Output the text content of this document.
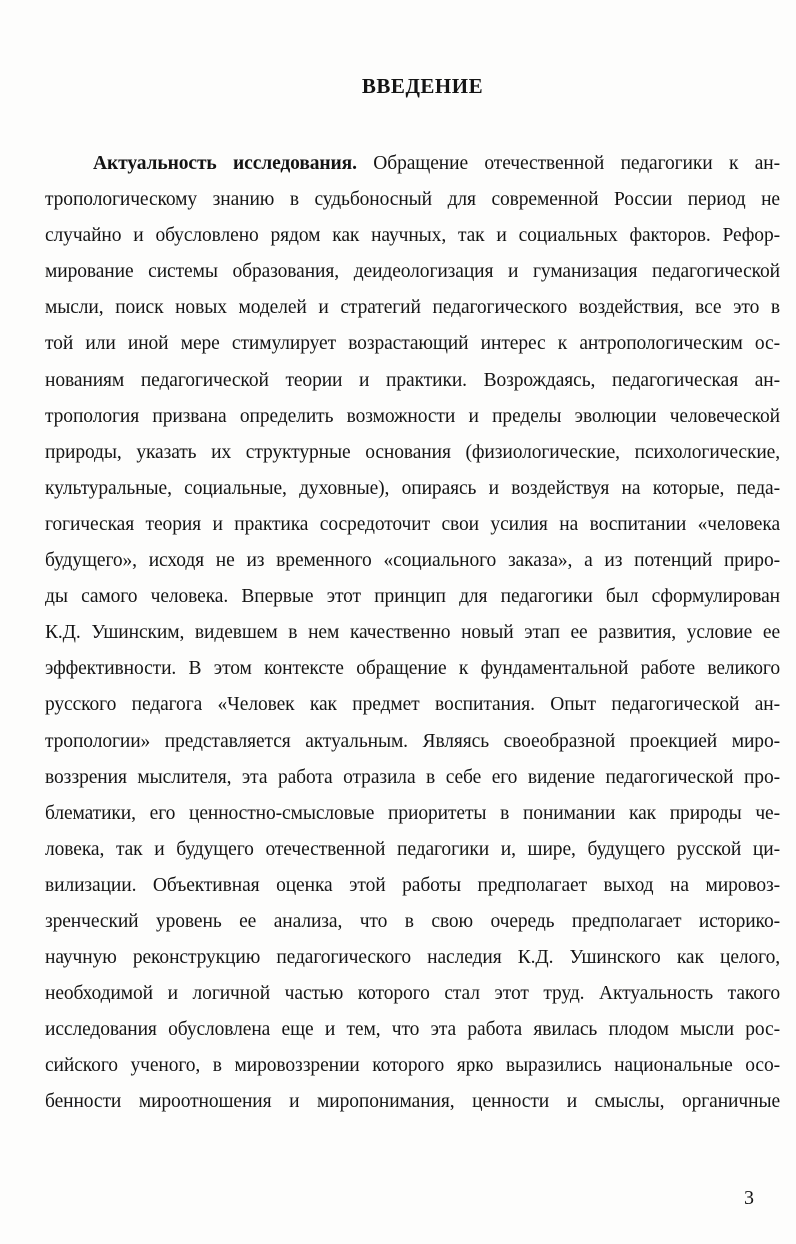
ВВЕДЕНИЕ
Актуальность исследования. Обращение отечественной педагогики к ан-
тропологическому знанию в судьбоносный для современной России период не
случайно и обусловлено рядом как научных, так и социальных факторов. Рефор-
мирование системы образования, деидеологизация и гуманизация педагогической
мысли, поиск новых моделей и стратегий педагогического воздействия, все это в
той или иной мере стимулирует возрастающий интерес к антропологическим ос-
нованиям педагогической теории и практики. Возрождаясь, педагогическая ан-
тропология призвана определить возможности и пределы эволюции человеческой
природы, указать их структурные основания (физиологические, психологические,
культуральные, социальные, духовные), опираясь и воздействуя на которые, педа-
гогическая теория и практика сосредоточит свои усилия на воспитании «человека
будущего», исходя не из временного «социального заказа», а из потенций приро-
ды самого человека. Впервые этот принцип для педагогики был сформулирован
К.Д. Ушинским, видевшем в нем качественно новый этап ее развития, условие ее
эффективности. В этом контексте обращение к фундаментальной работе великого
русского педагога «Человек как предмет воспитания. Опыт педагогической ан-
тропологии» представляется актуальным. Являясь своеобразной проекцией миро-
воззрения мыслителя, эта работа отразила в себе его видение педагогической про-
блематики, его ценностно-смысловые приоритеты в понимании как природы че-
ловека, так и будущего отечественной педагогики и, шире, будущего русской ци-
вилизации. Объективная оценка этой работы предполагает выход на мировоз-
зренческий уровень ее анализа, что в свою очередь предполагает историко-
научную реконструкцию педагогического наследия К.Д. Ушинского как целого,
необходимой и логичной частью которого стал этот труд. Актуальность такого
исследования обусловлена еще и тем, что эта работа явилась плодом мысли рос-
сийского ученого, в мировоззрении которого ярко выразились национальные осо-
бенности мироотношения и миропонимания, ценности и смыслы, органичные
3
